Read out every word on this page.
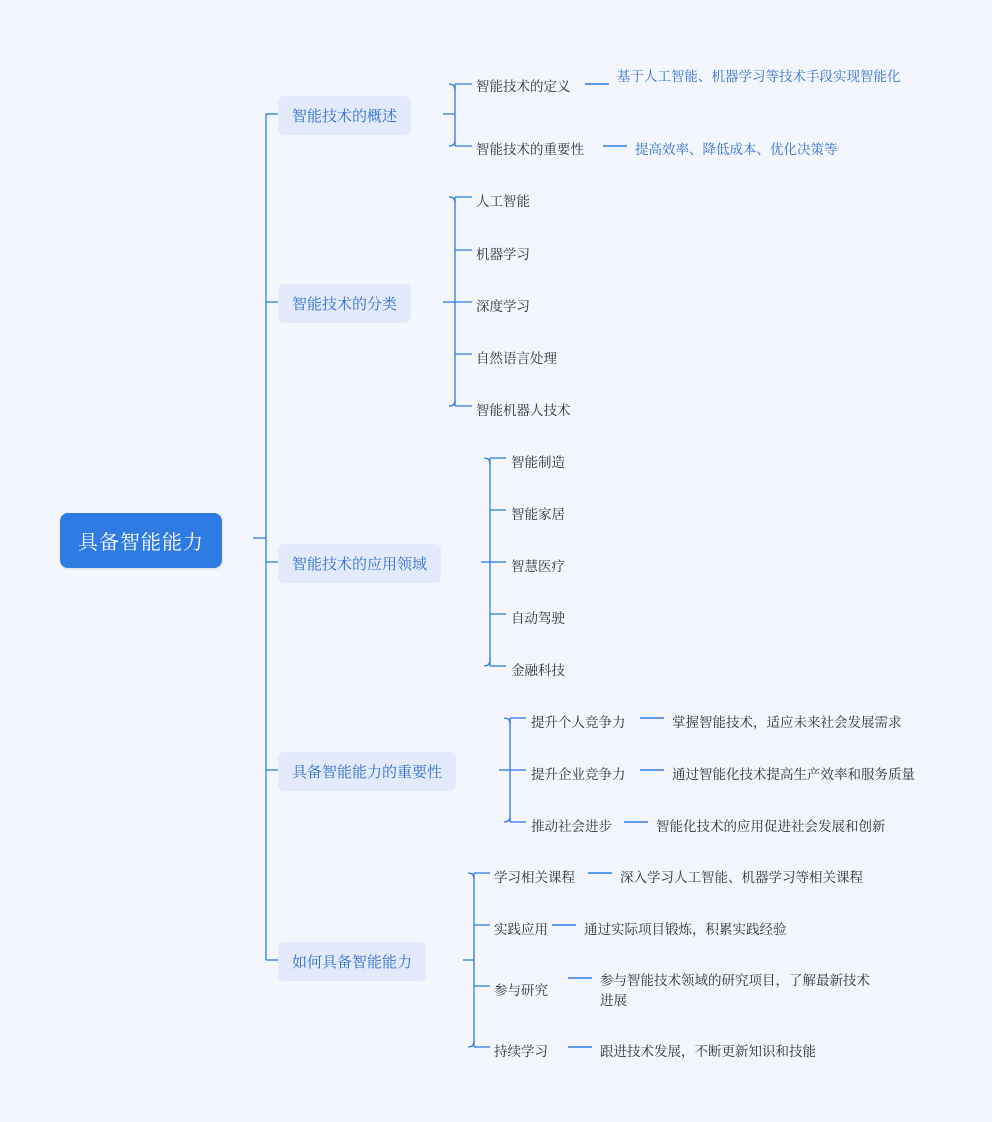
具备智能能力
智能技术的概述
智能技术的定义
基于人工智能、机器学习等技术手段实现智能化
智能技术的重要性	提高效率、降低成本、优化决策等
智能技术的分类
人工智能
机器学习
深度学习
自然语言处理
智能机器人技术
智能技术的应用领域
智能制造
智能家居
智慧医疗
自动驾驶
金融科技
具备智能能力的重要性
提升个人竞争力	掌握智能技术，适应未来社会发展需求
提升企业竞争力	通过智能化技术提高生产效率和服务质量
推动社会进步	智能化技术的应用促进社会发展和创新
如何具备智能能力
学习相关课程	深入学习人工智能、机器学习等相关课程
实践应用	通过实际项目锻炼，积累实践经验
参与研究
参与智能技术领域的研究项目，了解最新技术进展
持续学习	跟进技术发展，不断更新知识和技能
